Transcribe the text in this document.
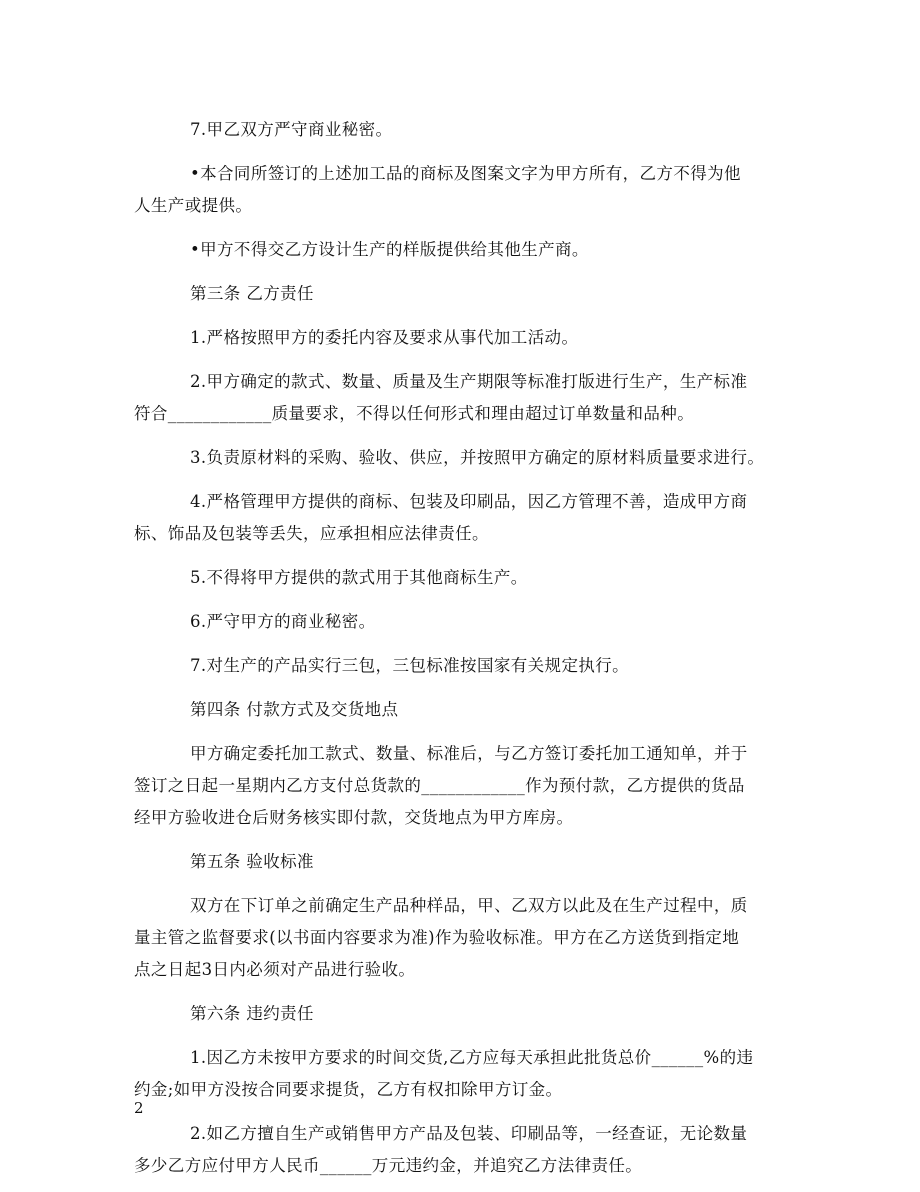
7.甲乙双方严守商业秘密。
•本合同所签订的上述加工品的商标及图案文字为甲方所有，乙方不得为他
人生产或提供。
•甲方不得交乙方设计生产的样版提供给其他生产商。
第三条 乙方责任
1.严格按照甲方的委托内容及要求从事代加工活动。
2.甲方确定的款式、数量、质量及生产期限等标准打版进行生产，生产标准
符合____________质量要求，不得以任何形式和理由超过订单数量和品种。
3.负责原材料的采购、验收、供应，并按照甲方确定的原材料质量要求进行。
4.严格管理甲方提供的商标、包装及印刷品，因乙方管理不善，造成甲方商
标、饰品及包装等丢失，应承担相应法律责任。
5.不得将甲方提供的款式用于其他商标生产。
6.严守甲方的商业秘密。
7.对生产的产品实行三包，三包标准按国家有关规定执行。
第四条 付款方式及交货地点
甲方确定委托加工款式、数量、标准后，与乙方签订委托加工通知单，并于
签订之日起一星期内乙方支付总货款的____________作为预付款，乙方提供的货品
经甲方验收进仓后财务核实即付款，交货地点为甲方库房。
第五条 验收标准
双方在下订单之前确定生产品种样品，甲、乙双方以此及在生产过程中，质
量主管之监督要求(以书面内容要求为准)作为验收标准。甲方在乙方送货到指定地
点之日起3日内必须对产品进行验收。
第六条 违约责任
1.因乙方未按甲方要求的时间交货,乙方应每天承担此批货总价______%的违
约金;如甲方没按合同要求提货，乙方有权扣除甲方订金。
2.如乙方擅自生产或销售甲方产品及包装、印刷品等，一经查证，无论数量
多少乙方应付甲方人民币______万元违约金，并追究乙方法律责任。
2
